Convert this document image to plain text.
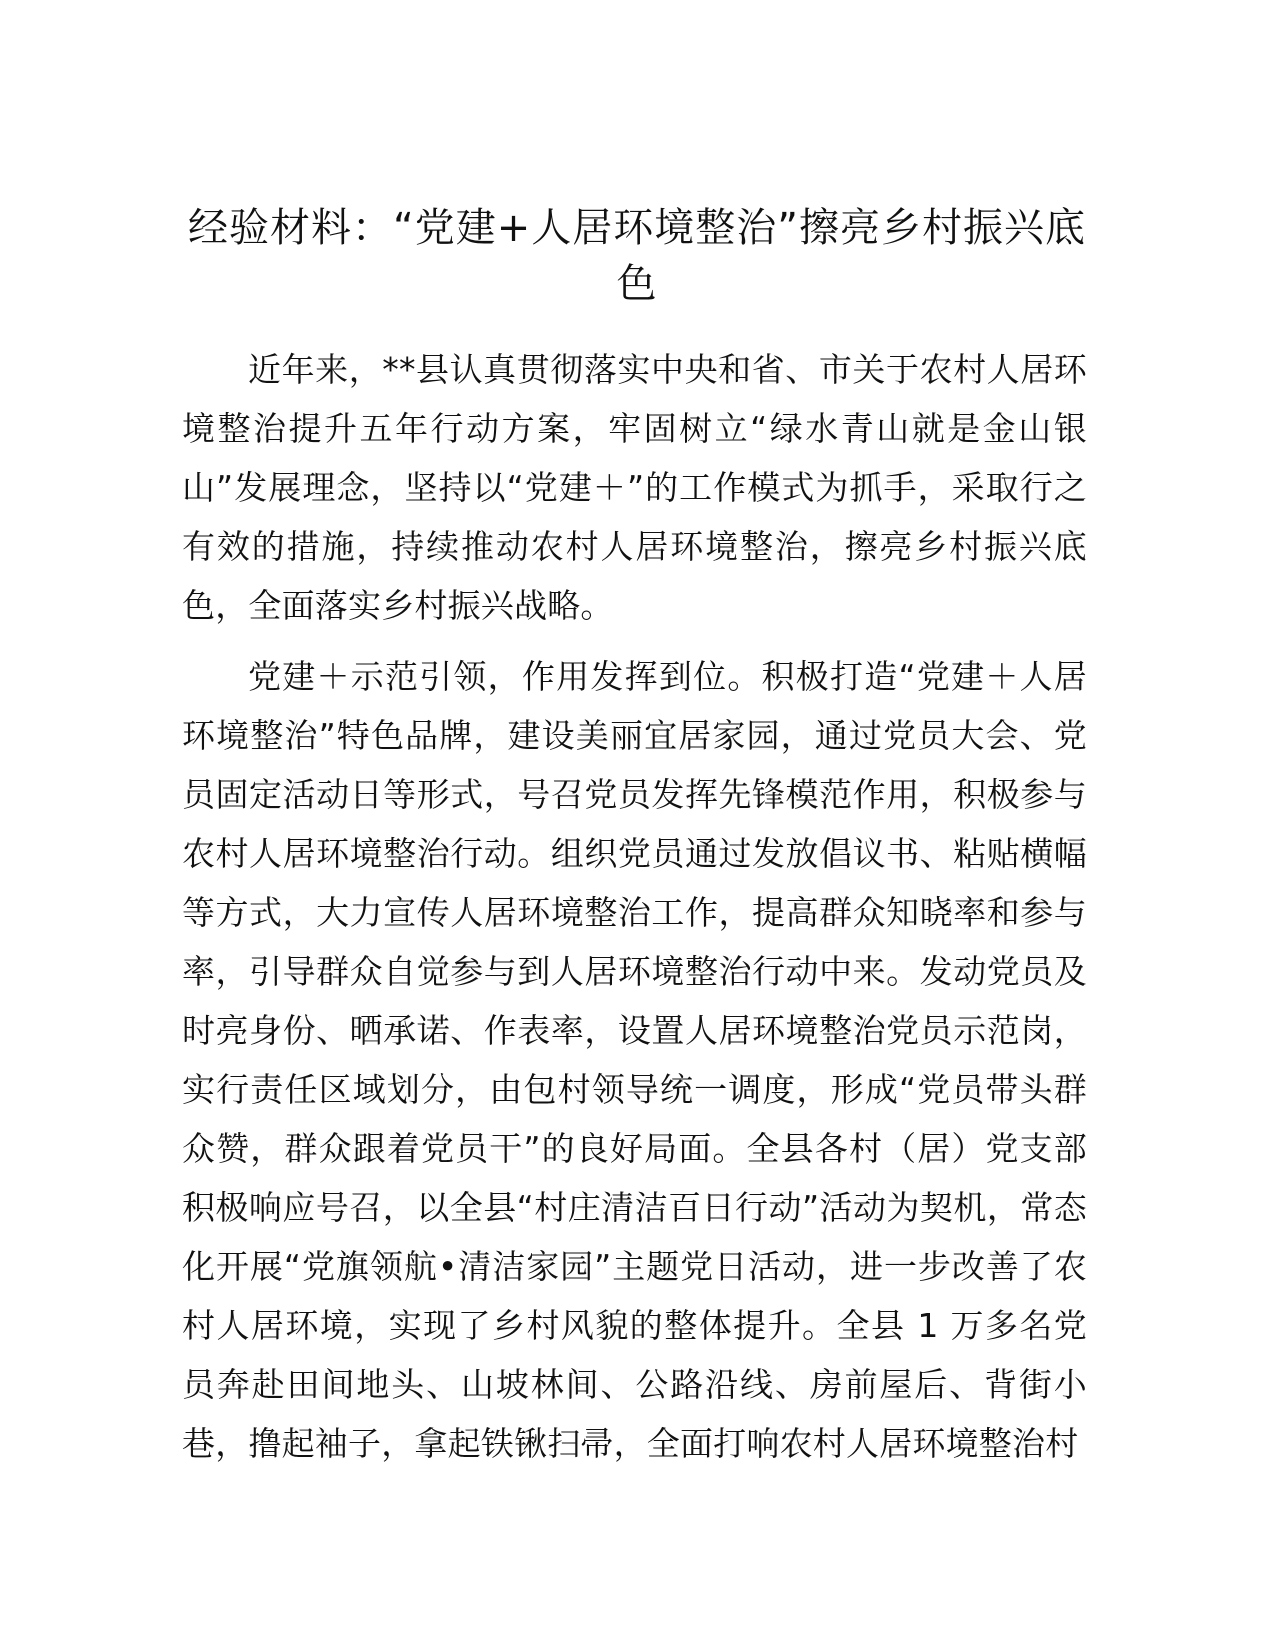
经验材料：“党建+人居环境整治”擦亮乡村振兴底色

近年来，**县认真贯彻落实中央和省、市关于农村人居环境整治提升五年行动方案，牢固树立“绿水青山就是金山银山”发展理念，坚持以“党建＋”的工作模式为抓手，采取行之有效的措施，持续推动农村人居环境整治，擦亮乡村振兴底色，全面落实乡村振兴战略。

党建＋示范引领，作用发挥到位。积极打造“党建＋人居环境整治”特色品牌，建设美丽宜居家园，通过党员大会、党员固定活动日等形式，号召党员发挥先锋模范作用，积极参与农村人居环境整治行动。组织党员通过发放倡议书、粘贴横幅等方式，大力宣传人居环境整治工作，提高群众知晓率和参与率，引导群众自觉参与到人居环境整治行动中来。发动党员及时亮身份、晒承诺、作表率，设置人居环境整治党员示范岗，实行责任区域划分，由包村领导统一调度，形成“党员带头群众赞，群众跟着党员干”的良好局面。全县各村（居）党支部积极响应号召，以全县“村庄清洁百日行动”活动为契机，常态化开展“党旗领航•清洁家园”主题党日活动，进一步改善了农村人居环境，实现了乡村风貌的整体提升。全县 1 万多名党员奔赴田间地头、山坡林间、公路沿线、房前屋后、背街小巷，撸起袖子，拿起铁锹扫帚，全面打响农村人居环境整治村
